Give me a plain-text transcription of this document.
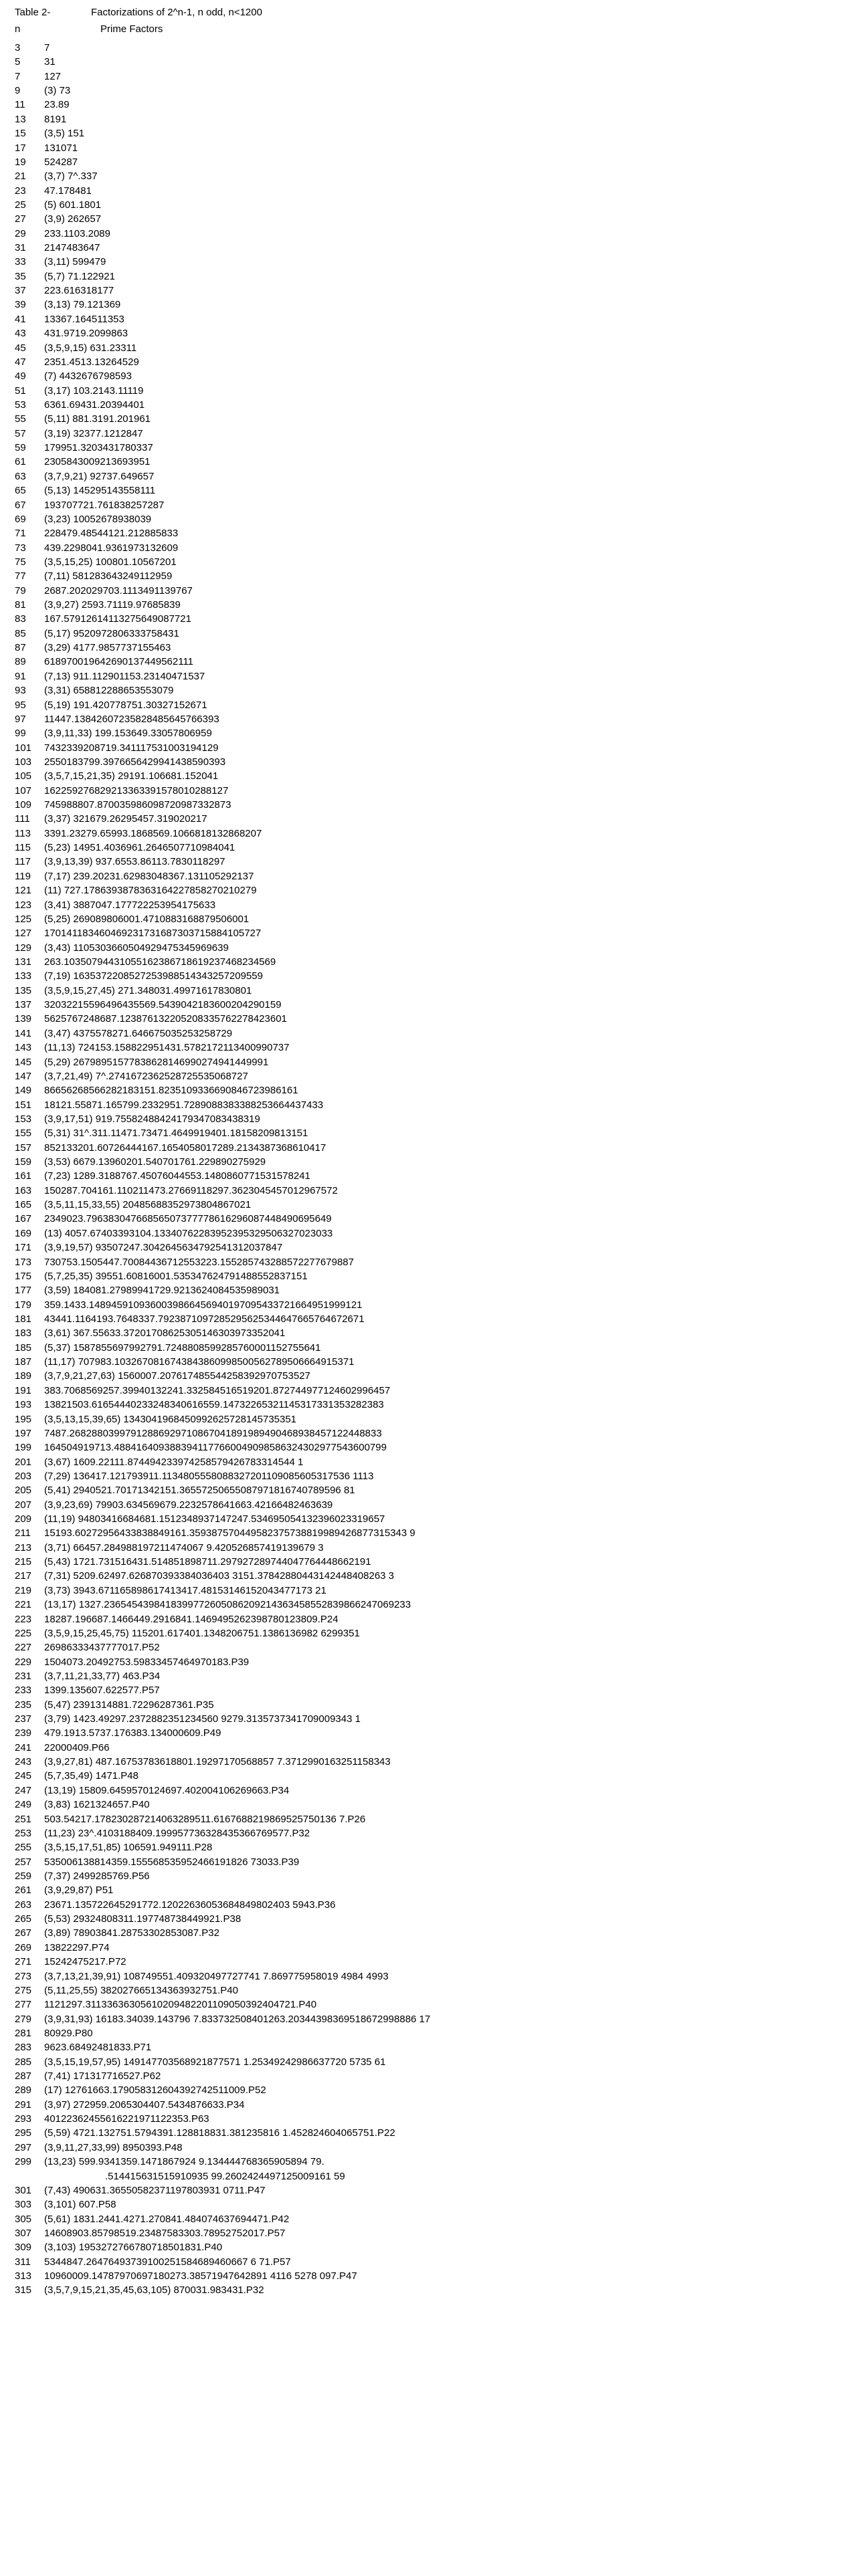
Table 2-	Factorizations of 2^n-1, n odd, n<1200
n	Prime Factors
3	7
5	31
7	127
9	(3) 73
11	23.89
13	8191
15	(3,5) 151
17	131071
19	524287
21	(3,7) 7^.337
23	47.178481
25	(5) 601.1801
27	(3,9) 262657
29	233.1103.2089
31	2147483647
33	(3,11) 599479
35	(5,7) 71.122921
37	223.616318177
39	(3,13) 79.121369
41	13367.164511353
43	431.9719.2099863
45	(3,5,9,15) 631.23311
47	2351.4513.13264529
49	(7) 4432676798593
51	(3,17) 103.2143.11119
53	6361.69431.20394401
55	(5,11) 881.3191.201961
57	(3,19) 32377.1212847
59	179951.3203431780337
61	2305843009213693951
63	(3,7,9,21) 92737.649657
65	(5,13) 145295143558111
67	193707721.761838257287
69	(3,23) 10052678938039
71	228479.48544121.212885833
73	439.2298041.9361973132609
75	(3,5,15,25) 100801.10567201
77	(7,11) 581283643249112959
79	2687.202029703.1113491139767
81	(3,9,27) 2593.71119.97685839
83	167.57912614113275649087721
85	(5,17) 9520972806333758431
87	(3,29) 4177.9857737155463
89	618970019642690137449562111
91	(7,13) 911.112901153.23140471537
93	(3,31) 658812288653553079
95	(5,19) 191.420778751.30327152671
97	11447.13842607235828485645766393
99	(3,9,11,33) 199.153649.33057806959
101	7432339208719.341117531003194129
103	2550183799.3976656429941438590393
105	(3,5,7,15,21,35) 29191.106681.152041
107	162259276829213363391578010288127
109	745988807.870035986098720987332873
111	(3,37) 321679.26295457.319020217
113	3391.23279.65993.1868569.1066818132868207
115	(5,23) 14951.4036961.2646507710984041
117	(3,9,13,39) 937.6553.86113.7830118297
119	(7,17) 239.20231.62983048367.131105292137
121	(11) 727.1786393878363164227858270210279
123	(3,41) 3887047.177722253954175633
125	(5,25) 269089806001.4710883168879506001
127	170141183460469231731687303715884105727
129	(3,43) 1105303660504929475345969639
131	263.10350794431055162386718619237468234569
133	(7,19) 1635372208527253988514343257209559
135	(3,5,9,15,27,45) 271.348031.49971617830801
137	32032215596496435569.5439042183600204290159
139	5625767248687.123876132205208335762278423601
141	(3,47) 4375578271.646675035253258729
143	(11,13) 724153.158822951431.5782172113400990737
145	(5,29) 26798951577838628146990274941449991
147	(3,7,21,49) 7^.2741672362528725535068727
149	86656268566282183151.8235109336690846723986161
151	18121.55871.165799.2332951.7289088383388253664437433
153	(3,9,17,51) 919.75582488424179347083438319
155	(5,31) 31^.311.11471.73471.4649919401.18158209813151
157	852133201.60726444167.1654058017289.2134387368610417
159	(3,53) 6679.13960201.540701761.229890275929
161	(7,23) 1289.3188767.45076044553.1480860771531578241
163	150287.704161.110211473.27669118297.3623045457012967572
165	(3,5,11,15,33,55) 20485688352973804867021
167	2349023.79638304766856507377778616296087448490695649
169	(13) 4057.67403393104.13340762283952395329506327023033
171	(3,9,19,57) 93507247.3042645634792541312037847
173	730753.1505447.70084436712553223.155285743288572277679887
175	(5,7,25,35) 39551.60816001.535347624791488552837151
177	(3,59) 184081.27989941729.9213624084535989031
179	359.1433.1489459109360039866456940197095433721664951999121
181	43441.1164193.7648337.7923871097285295625344647665764672671
183	(3,61) 367.55633.37201708625305146303973352041
185	(5,37) 1587855697992791.7248808599285760001152755641
187	(11,17) 707983.1032670816743843860998500562789506664915371
189	(3,7,9,21,27,63) 1560007.207617485544258392970753527
191	383.7068569257.39940132241.332584516519201.872744977124602996457
193	13821503.61654440233248340616559.14732265321145317331353282383
195	(3,5,13,15,39,65) 1343041968450992625728145735351
197	7487.26828803997912886929710867041891989490468938457122448833
199	164504919713.4884164093883941177660049098586324302977543600799
201	(3,67) 1609.22111.874494233974258579426783314544 1
203	(7,29) 136417.121793911.1134805558088327201109085605317536 1113
205	(5,41) 2940521.70171342151.36557250655087971816740789596 81
207	(3,9,23,69) 79903.634569679.2232578641663.42166482463639
209	(11,19) 94803416684681.1512348937147247.534695054132396023319657
211	15193.60272956433838849161.359387570449582375738819989426877315343 9
213	(3,71) 66457.284988197211474067 9.420526857419139679 3
215	(5,43) 1721.731516431.514851898711.297927289744047764448662191
217	(7,31) 5209.62497.626870393384036403 3151.37842880443142448408263 3
219	(3,73) 3943.671165898617413417.48153146152043477173 21
221	(13,17) 1327.2365454398418399772605086209214363458552839866247069233
223	18287.196687.1466449.2916841.1469495262398780123809.P24
225	(3,5,9,15,25,45,75) 115201.617401.1348206751.1386136982 6299351
227	26986333437777017.P52
229	1504073.20492753.59833457464970183.P39
231	(3,7,11,21,33,77) 463.P34
233	1399.135607.622577.P57
235	(5,47) 2391314881.72296287361.P35
237	(3,79) 1423.49297.2372882351234560 9279.3135737341709009343 1
239	479.1913.5737.176383.134000609.P49
241	22000409.P66
243	(3,9,27,81) 487.16753783618801.19297170568857 7.3712990163251158343
245	(5,7,35,49) 1471.P48
247	(13,19) 15809.6459570124697.402004106269663.P34
249	(3,83) 1621324657.P40
251	503.54217.178230287214063289511.6167688219869525750136 7.P26
253	(11,23) 23^.4103188409.199957736328435366769577.P32
255	(3,5,15,17,51,85) 106591.949111.P28
257	535006138814359.155568535952466191826 73033.P39
259	(7,37) 2499285769.P56
261	(3,9,29,87) P51
263	23671.135722645291772.12022636053684849802403 5943.P36
265	(5,53) 29324808311.197748738449921.P38
267	(3,89) 78903841.28753302853087.P32
269	13822297.P74
271	15242475217.P72
273	(3,7,13,21,39,91) 108749551.409320497727741 7.869775958019 4984 4993
275	(5,11,25,55) 382027665134363932751.P40
277	1121297.31133636305610209482201109050392404721.P40
279	(3,9,31,93) 16183.34039.143796 7.833732508401263.20344398369518672998886 17
281	80929.P80
283	9623.68492481833.P71
285	(3,5,15,19,57,95) 149147703568921877571 1.25349242986637720 5735 61
287	(7,41) 171317716527.P62
289	(17) 12761663.179058312604392742511009.P52
291	(3,97) 272959.2065304407.5434876633.P34
293	40122362455616221971122353.P63
295	(5,59) 4721.132751.5794391.128818831.381235816 1.452824604065751.P22
297	(3,9,11,27,33,99) 8950393.P48
299	(13,23) 599.9341359.1471867924 9.134444768365905894 79.
.514415631515910935 99.2602424497125009161 59
301	(7,43) 490631.36550582371197803931 0711.P47
303	(3,101) 607.P58
305	(5,61) 1831.2441.4271.270841.484074637694471.P42
307	14608903.85798519.23487583303.78952752017.P57
309	(3,103) 1953272766780718501831.P40
311	5344847.26476493739100251584689460667 6 71.P57
313	10960009.14787970697180273.38571947642891 4116 5278 097.P47
315	(3,5,7,9,15,21,35,45,63,105) 870031.983431.P32
